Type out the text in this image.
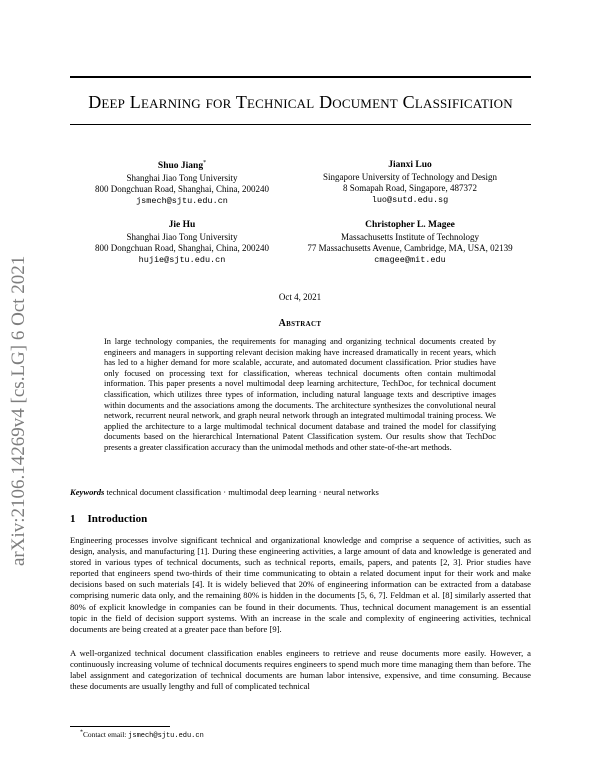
arXiv:2106.14269v4 [cs.LG] 6 Oct 2021
Deep Learning for Technical Document Classification
Shuo Jiang*
Shanghai Jiao Tong University
800 Dongchuan Road, Shanghai, China, 200240
jsmech@sjtu.edu.cn
Jianxi Luo
Singapore University of Technology and Design
8 Somapah Road, Singapore, 487372
luo@sutd.edu.sg
Jie Hu
Shanghai Jiao Tong University
800 Dongchuan Road, Shanghai, China, 200240
hujie@sjtu.edu.cn
Christopher L. Magee
Massachusetts Institute of Technology
77 Massachusetts Avenue, Cambridge, MA, USA, 02139
cmagee@mit.edu
Oct 4, 2021
Abstract
In large technology companies, the requirements for managing and organizing technical documents created by engineers and managers in supporting relevant decision making have increased dramatically in recent years, which has led to a higher demand for more scalable, accurate, and automated document classification. Prior studies have only focused on processing text for classification, whereas technical documents often contain multimodal information. This paper presents a novel multimodal deep learning architecture, TechDoc, for technical document classification, which utilizes three types of information, including natural language texts and descriptive images within documents and the associations among the documents. The architecture synthesizes the convolutional neural network, recurrent neural network, and graph neural network through an integrated multimodal training process. We applied the architecture to a large multimodal technical document database and trained the model for classifying documents based on the hierarchical International Patent Classification system. Our results show that TechDoc presents a greater classification accuracy than the unimodal methods and other state-of-the-art methods.
Keywords technical document classification · multimodal deep learning · neural networks
1 Introduction
Engineering processes involve significant technical and organizational knowledge and comprise a sequence of activities, such as design, analysis, and manufacturing [1]. During these engineering activities, a large amount of data and knowledge is generated and stored in various types of technical documents, such as technical reports, emails, papers, and patents [2, 3]. Prior studies have reported that engineers spend two-thirds of their time communicating to obtain a related document input for their work and make decisions based on such materials [4]. It is widely believed that 20% of engineering information can be extracted from a database comprising numeric data only, and the remaining 80% is hidden in the documents [5, 6, 7]. Feldman et al. [8] similarly asserted that 80% of explicit knowledge in companies can be found in their documents. Thus, technical document management is an essential topic in the field of decision support systems. With an increase in the scale and complexity of engineering activities, technical documents are being created at a greater pace than before [9].
A well-organized technical document classification enables engineers to retrieve and reuse documents more easily. However, a continuously increasing volume of technical documents requires engineers to spend much more time managing them than before. The label assignment and categorization of technical documents are human labor intensive, expensive, and time consuming. Because these documents are usually lengthy and full of complicated technical
*Contact email: jsmech@sjtu.edu.cn
